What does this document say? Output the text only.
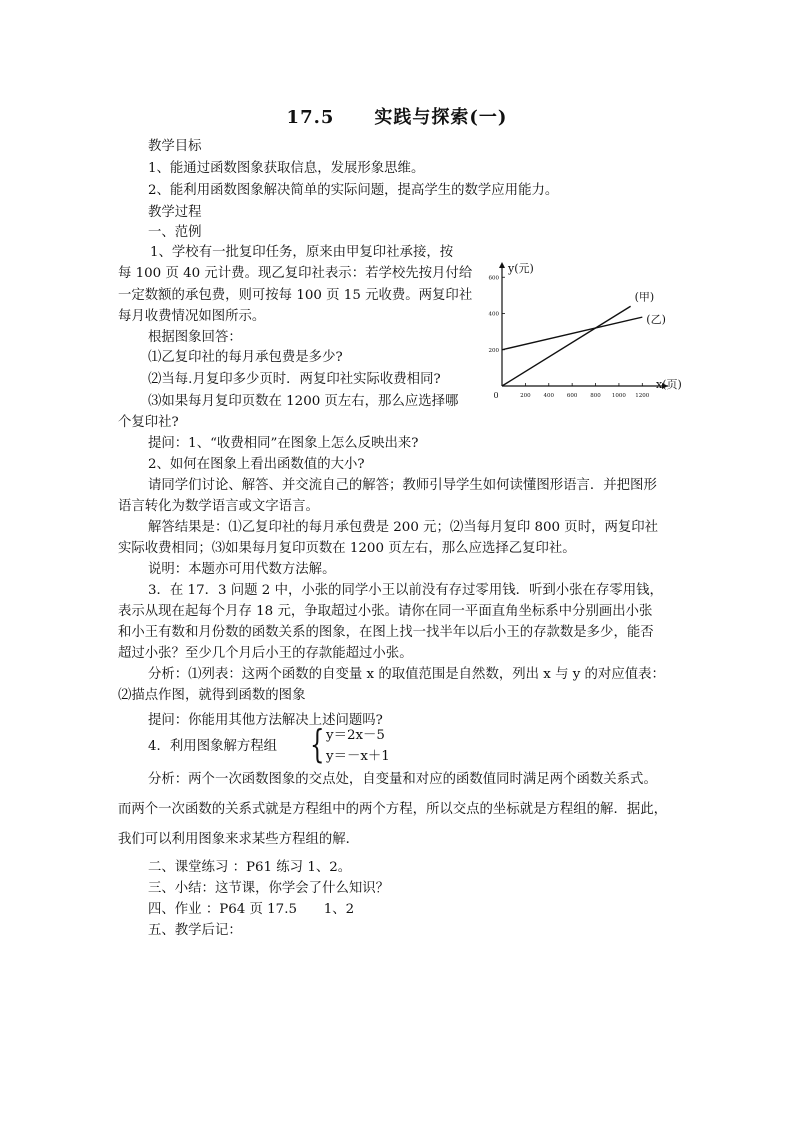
17.5 实践与探索(一)
教学目标
1、能通过函数图象获取信息，发展形象思维。
2、能利用函数图象解决简单的实际问题，提高学生的数学应用能力。
教学过程
一、范例
1、学校有一批复印任务，原来由甲复印社承接，按
每 100 页 40 元计费。现乙复印社表示：若学校先按月付给
一定数额的承包费，则可按每 100 页 15 元收费。两复印社
每月收费情况如图所示。
根据图象回答：
⑴乙复印社的每月承包费是多少?
⑵当每.月复印多少页时．两复印社实际收费相同?
⑶如果每月复印页数在 1200 页左右，那么应选择哪
个复印社?
提问：1、“收费相同”在图象上怎么反映出来?
2、如何在图象上看出函数值的大小?
请同学们讨论、解答、并交流自己的解答；教师引导学生如何读懂图形语言．并把图形
语言转化为数学语言或文字语言。
解答结果是：⑴乙复印社的每月承包费是 200 元；⑵当每月复印 800 页时，两复印社
实际收费相同；⑶如果每月复印页数在 1200 页左右，那么应选择乙复印社。
说明：本题亦可用代数方法解。
3．在 17．3 问题 2 中，小张的同学小王以前没有存过零用钱．听到小张在存零用钱，
表示从现在起每个月存 18 元，争取超过小张。请你在同一平面直角坐标系中分别画出小张
和小王有数和月份数的函数关系的图象，在图上找一找半年以后小王的存款数是多少，能否
超过小张？至少几个月后小王的存款能超过小张。
分析：⑴列表：这两个函数的自变量 x 的取值范围是自然数，列出 x 与 y 的对应值表：
⑵描点作图，就得到函数的图象
提问：你能用其他方法解决上述问题吗?
4．利用图象解方程组 { y＝2x－5
y＝－x＋1
分析：两个一次函数图象的交点处，自变量和对应的函数值同时满足两个函数关系式。
而两个一次函数的关系式就是方程组中的两个方程，所以交点的坐标就是方程组的解．据此，
我们可以利用图象来求某些方程组的解．
二、课堂练习 ：P61 练习 1、2。
三、小结：这节课，你学会了什么知识？
四、作业 ：P64 页 17.5　　1、2
五、教学后记：
200 400 600 800 1000 1200
200
400
600
0
y(元)
x(页)
(甲)
(乙)
